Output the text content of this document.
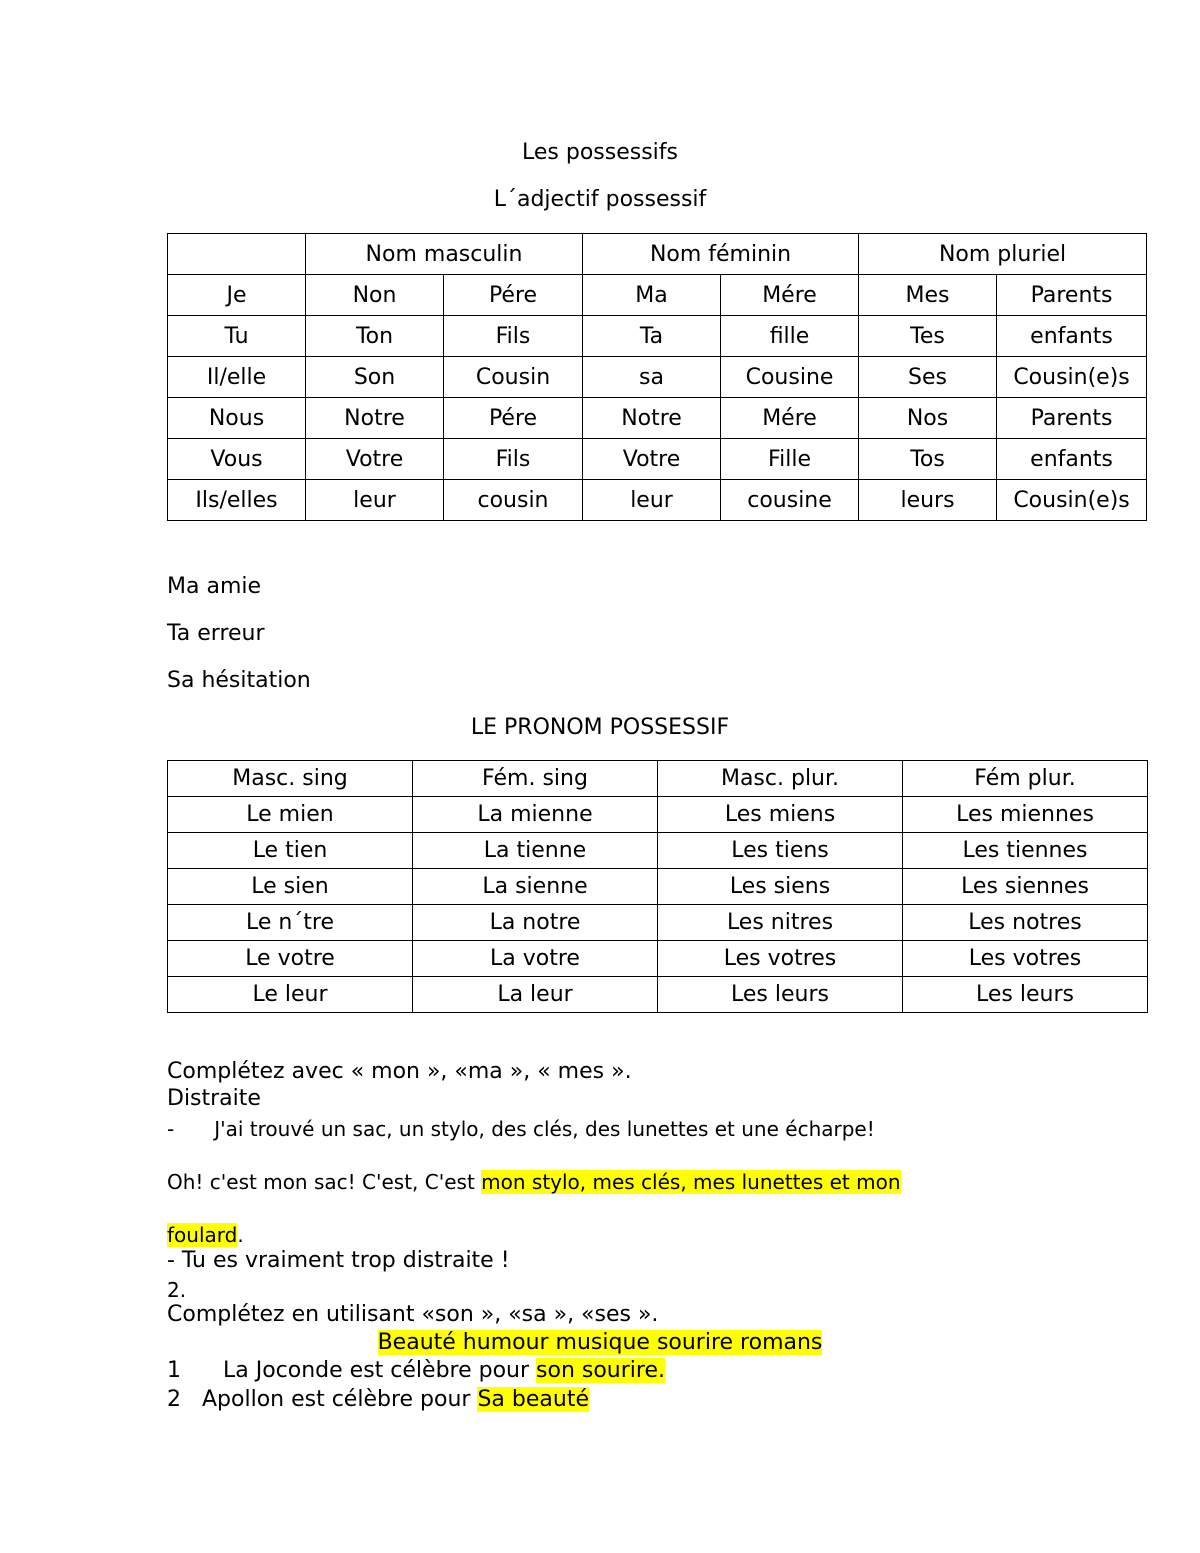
Les possessifs
L´adjectif possessif
	Nom masculin		Nom féminin		Nom pluriel	
Je	Non	Pére	Ma	Mére	Mes	Parents
Tu	Ton	Fils	Ta	fille	Tes	enfants
Il/elle	Son	Cousin	sa	Cousine	Ses	Cousin(e)s
Nous	Notre	Pére	Notre	Mére	Nos	Parents
Vous	Votre	Fils	Votre	Fille	Tos	enfants
Ils/elles	leur	cousin	leur	cousine	leurs	Cousin(e)s
Ma amie
Ta erreur
Sa hésitation
LE PRONOM POSSESSIF
Masc. sing	Fém. sing	Masc. plur.	Fém plur.
Le mien	La mienne	Les miens	Les miennes
Le tien	La tienne	Les tiens	Les tiennes
Le sien	La sienne	Les siens	Les siennes
Le n´tre	La notre	Les nitres	Les notres
Le votre	La votre	Les votres	Les votres
Le leur	La leur	Les leurs	Les leurs
Complétez avec « mon », «ma », « mes ».
Distraite
- J'ai trouvé un sac, un stylo, des clés, des lunettes et une écharpe!
Oh! c'est mon sac! C'est, C'est mon stylo, mes clés, mes lunettes et mon
foulard.
- Tu es vraiment trop distraite !
2.
Complétez en utilisant «son », «sa », «ses ».
Beauté humour musique sourire romans
1 La Joconde est célèbre pour son sourire.
2 Apollon est célèbre pour Sa beauté
